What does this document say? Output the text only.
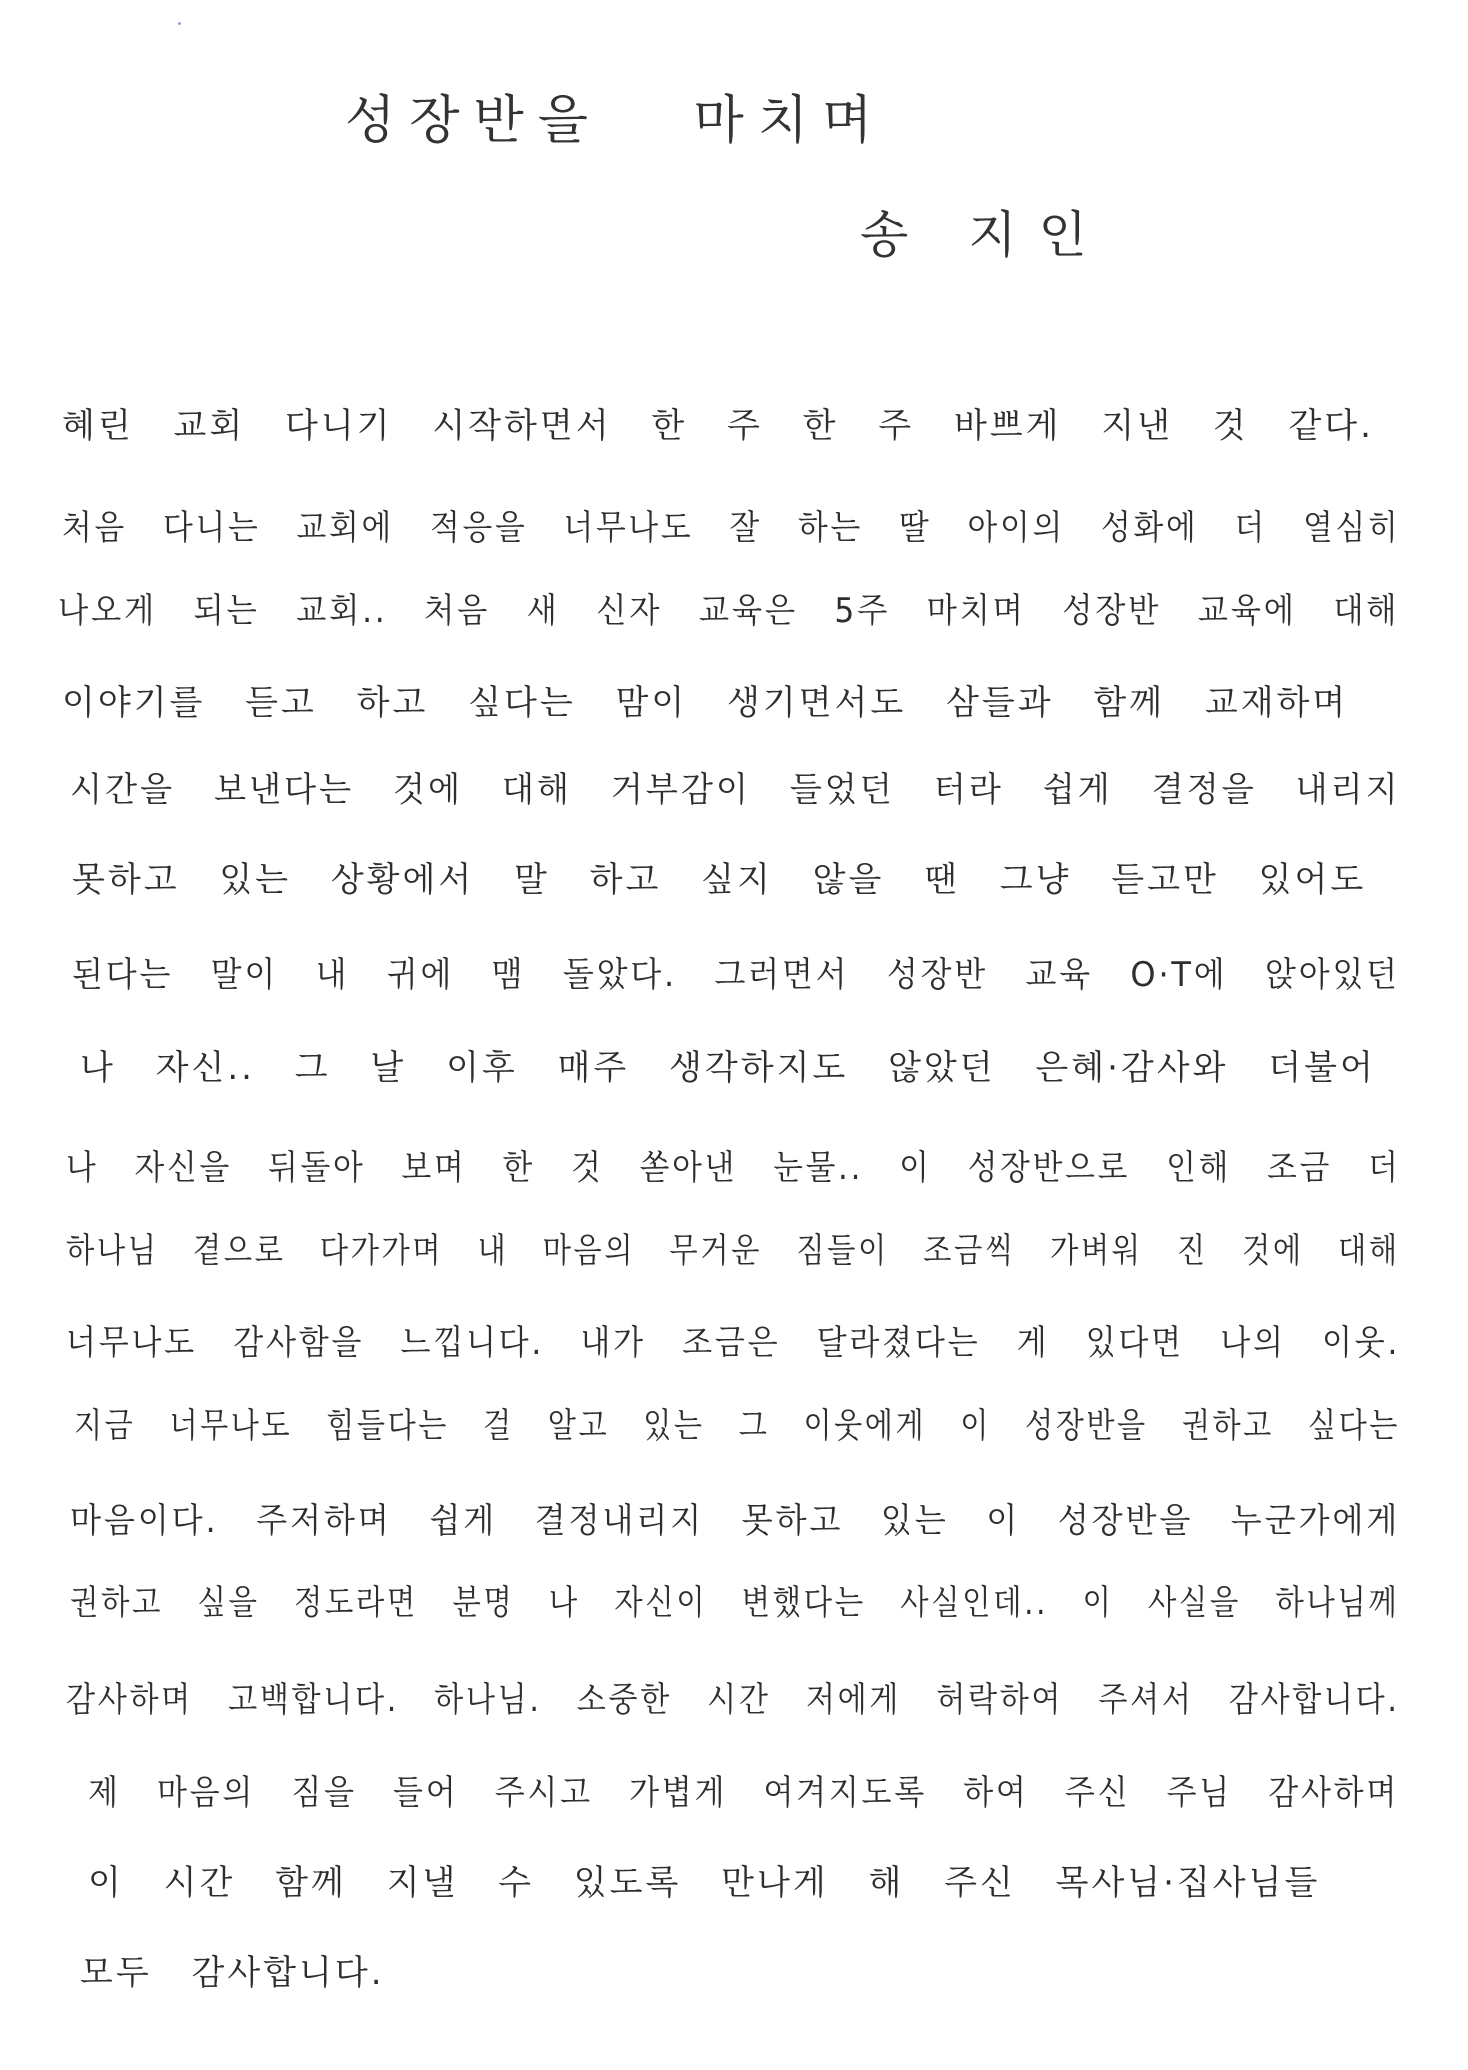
성장반을   마치며
송 지인
혜린 교회 다니기 시작하면서 한 주 한 주 바쁘게 지낸 것 같다.
처음 다니는 교회에 적응을 너무나도 잘 하는 딸 아이의 성화에 더 열심히
나오게 되는 교회.. 처음 새 신자 교육은 5주 마치며 성장반 교육에 대해
이야기를 듣고 하고 싶다는 맘이 생기면서도 삼들과 함께 교재하며
시간을 보낸다는 것에 대해 거부감이 들었던 터라 쉽게 결정을 내리지
못하고 있는 상황에서 말 하고 싶지 않을 땐 그냥 듣고만 있어도
된다는 말이 내 귀에 맴 돌았다. 그러면서 성장반 교육 O·T에 앉아있던
나 자신.. 그 날 이후 매주 생각하지도 않았던 은혜·감사와 더불어
나 자신을 뒤돌아 보며 한 것 쏟아낸 눈물.. 이 성장반으로 인해 조금 더
하나님 곁으로 다가가며 내 마음의 무거운 짐들이 조금씩 가벼워 진 것에 대해
너무나도 감사함을 느낍니다. 내가 조금은 달라졌다는 게 있다면 나의 이웃.
지금 너무나도 힘들다는 걸 알고 있는 그 이웃에게 이 성장반을 권하고 싶다는
마음이다. 주저하며 쉽게 결정내리지 못하고 있는 이 성장반을 누군가에게
권하고 싶을 정도라면 분명 나 자신이 변했다는 사실인데.. 이 사실을 하나님께
감사하며 고백합니다. 하나님. 소중한 시간 저에게 허락하여 주셔서 감사합니다.
제 마음의 짐을 들어 주시고 가볍게 여겨지도록 하여 주신 주님 감사하며
이 시간 함께 지낼 수 있도록 만나게 해 주신 목사님·집사님들
모두 감사합니다.
